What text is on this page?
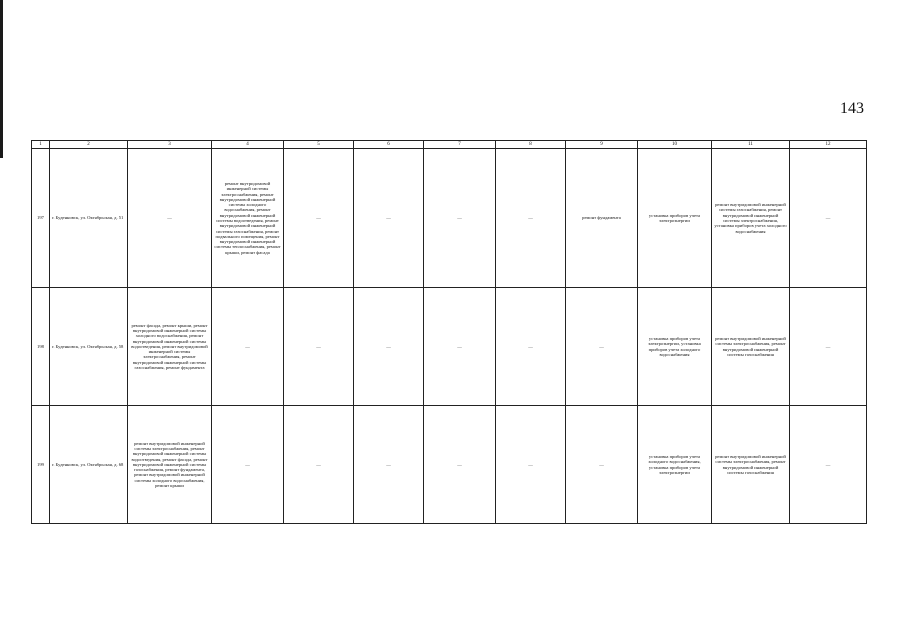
143
1	2	3	4	5	6	7	8	9	10	11	12
197	г. Буденновск, ул. Октябрьская, д. 51	—	ремонт внутридомовой инженерной системы электроснабжения, ремонт внутридомовой инженерной системы холодного водоснабжения, ремонт внутридомовой инженерной системы водоотведения, ремонт внутридомовой инженерной системы газоснабжения, ремонт подвального помещения, ремонт внутридомовой инженерной системы теплоснабжения, ремонт крыши, ремонт фасада	—	—	—	—	ремонт фундамента	установка приборов учета электроэнергии	ремонт внутридомовой инженерной системы газоснабжения, ремонт внутридомовой инженерной системы электроснабжения, установка приборов учета холодного водоснабжения	—
198	г. Буденновск, ул. Октябрьская, д. 58	ремонт фасада, ремонт крыши, ремонт внутридомовой инженерной системы холодного водоснабжения, ремонт внутридомовой инженерной системы водоотведения, ремонт внутридомовой инженерной системы электроснабжения, ремонт внутридомовой инженерной системы газоснабжения, ремонт фундамента	—	—	—	—	—	—	установка приборов учета электроэнергии, установка приборов учета холодного водоснабжения	ремонт внутридомовой инженерной системы электроснабжения, ремонт внутридомовой инженерной системы газоснабжения	—
199	г. Буденновск, ул. Октябрьская, д. 68	ремонт внутридомовой инженерной системы электроснабжения, ремонт внутридомовой инженерной системы водоотведения, ремонт фасада, ремонт внутридомовой инженерной системы газоснабжения, ремонт фундамента, ремонт внутридомовой инженерной системы холодного водоснабжения, ремонт крыши	—	—	—	—	—	—	установка приборов учета холодного водоснабжения, установка приборов учета электроэнергии	ремонт внутридомовой инженерной системы электроснабжения, ремонт внутридомовой инженерной системы газоснабжения	—
